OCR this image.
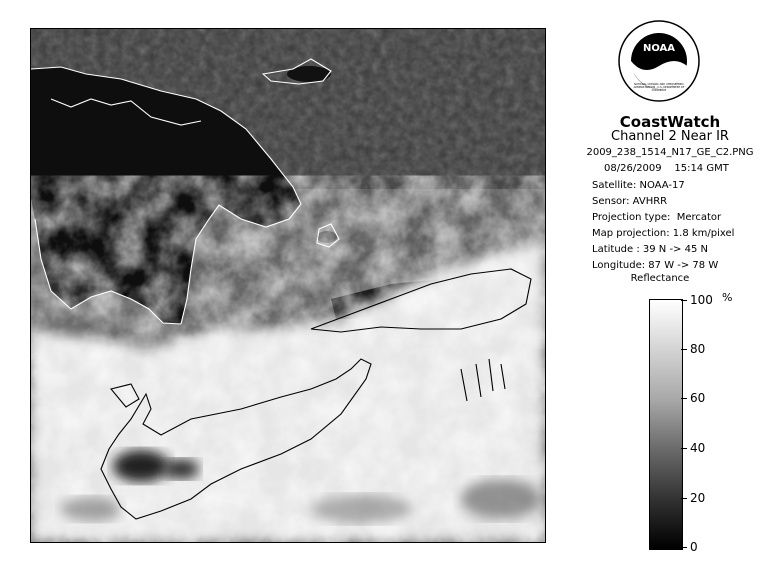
NOAA
NATIONAL OCEANIC AND ATMOSPHERIC ADMINISTRATION · U.S. DEPARTMENT OF COMMERCE
CoastWatch
Channel 2 Near IR
2009_238_1514_N17_GE_C2.PNG
08/26/2009    15:14 GMT
Satellite: NOAA-17
Sensor: AVHRR
Projection type:  Mercator
Map projection: 1.8 km/pixel
Latitude : 39 N -> 45 N
Longitude: 87 W -> 78 W
Reflectance
%
100
80
60
40
20
0
